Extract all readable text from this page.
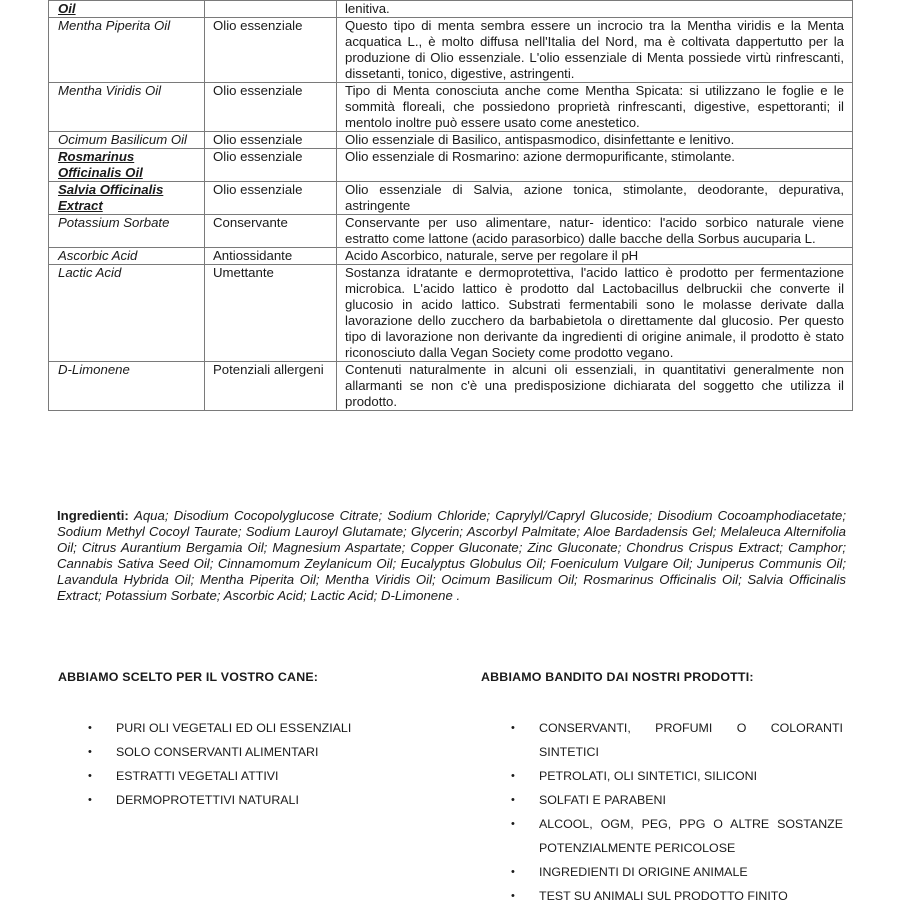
Oil		lenitiva.
Mentha Piperita Oil	Olio essenziale	Questo tipo di menta sembra essere un incrocio tra la Mentha viridis e la Menta acquatica L., è molto diffusa nell'Italia del Nord, ma è coltivata dappertutto per la produzione di Olio essenziale. L'olio essenziale di Menta possiede virtù rinfrescanti, dissetanti, tonico, digestive, astringenti.
Mentha Viridis Oil	Olio essenziale	Tipo di Menta conosciuta anche come Mentha Spicata: si utilizzano le foglie e le sommità floreali, che possiedono proprietà rinfrescanti, digestive, espettoranti; il mentolo inoltre può essere usato come anestetico.
Ocimum Basilicum Oil	Olio essenziale	Olio essenziale di Basilico, antispasmodico, disinfettante e lenitivo.
Rosmarinus Officinalis Oil	Olio essenziale	Olio essenziale di Rosmarino: azione dermopurificante, stimolante.
Salvia Officinalis Extract	Olio essenziale	Olio essenziale di Salvia, azione tonica, stimolante, deodorante, depurativa, astringente
Potassium Sorbate	Conservante	Conservante per uso alimentare, natur- identico: l'acido sorbico naturale viene estratto come lattone (acido parasorbico) dalle bacche della Sorbus aucuparia L.
Ascorbic Acid	Antiossidante	Acido Ascorbico, naturale, serve per regolare il pH
Lactic Acid	Umettante	Sostanza idratante e dermoprotettiva, l'acido lattico è prodotto per fermentazione microbica. L'acido lattico è prodotto dal Lactobacillus delbruckii che converte il glucosio in acido lattico. Substrati fermentabili sono le molasse derivate dalla lavorazione dello zucchero da barbabietola o direttamente dal glucosio. Per questo tipo di lavorazione non derivante da ingredienti di origine animale, il prodotto è stato riconosciuto dalla Vegan Society come prodotto vegano.
D-Limonene	Potenziali allergeni	Contenuti naturalmente in alcuni oli essenziali, in quantitativi generalmente non allarmanti se non c'è una predisposizione dichiarata del soggetto che utilizza il prodotto.

Ingredienti: Aqua; Disodium Cocopolyglucose Citrate; Sodium Chloride; Caprylyl/Capryl Glucoside; Disodium Cocoamphodiacetate; Sodium Methyl Cocoyl Taurate; Sodium Lauroyl Glutamate; Glycerin; Ascorbyl Palmitate; Aloe Bardadensis Gel; Melaleuca Alternifolia Oil; Citrus Aurantium Bergamia Oil; Magnesium Aspartate; Copper Gluconate; Zinc Gluconate; Chondrus Crispus Extract; Camphor; Cannabis Sativa Seed Oil; Cinnamomum Zeylanicum Oil; Eucalyptus Globulus Oil; Foeniculum Vulgare Oil; Juniperus Communis Oil; Lavandula Hybrida Oil; Mentha Piperita Oil; Mentha Viridis Oil; Ocimum Basilicum Oil; Rosmarinus Officinalis Oil; Salvia Officinalis Extract; Potassium Sorbate; Ascorbic Acid; Lactic Acid; D-Limonene .

ABBIAMO SCELTO PER IL VOSTRO CANE:
• PURI OLI VEGETALI ED OLI ESSENZIALI
• SOLO CONSERVANTI ALIMENTARI
• ESTRATTI VEGETALI ATTIVI
• DERMOPROTETTIVI NATURALI
ABBIAMO BANDITO DAI NOSTRI PRODOTTI:
• CONSERVANTI, PROFUMI O COLORANTI SINTETICI
• PETROLATI, OLI SINTETICI, SILICONI
• SOLFATI E PARABENI
• ALCOOL, OGM, PEG, PPG O ALTRE SOSTANZE POTENZIALMENTE PERICOLOSE
• INGREDIENTI DI ORIGINE ANIMALE
• TEST SU ANIMALI SUL PRODOTTO FINITO
